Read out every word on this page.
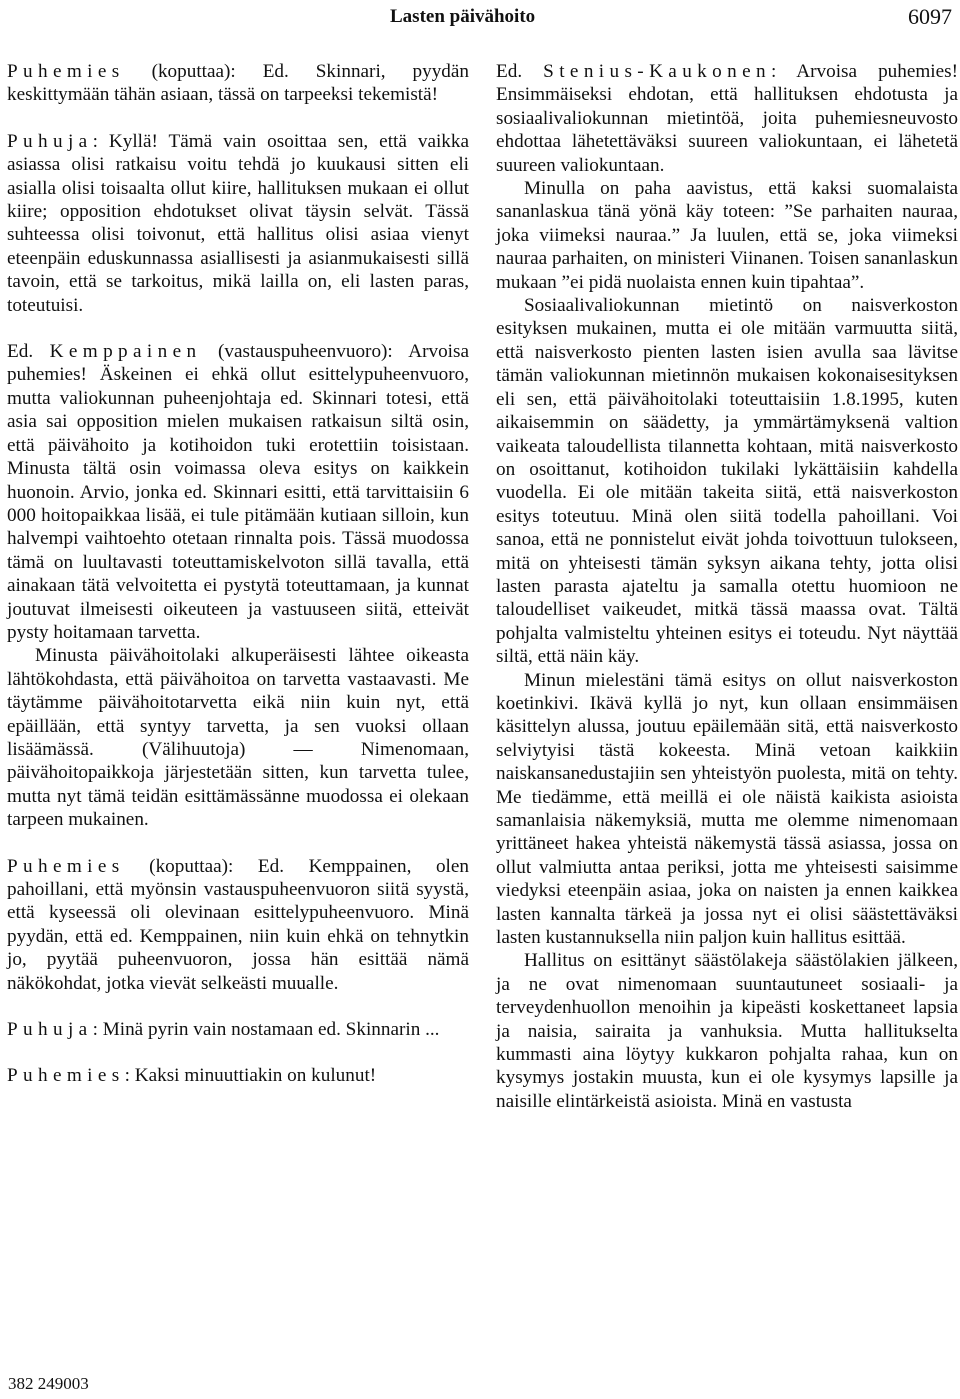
Lasten päivähoito	6097

Puhemies (koputtaa): Ed. Skinnari, pyydän keskittymään tähän asiaan, tässä on tarpeeksi tekemistä!

Puhuja: Kyllä! Tämä vain osoittaa sen, että vaikka asiassa olisi ratkaisu voitu tehdä jo kuukausi sitten eli asialla olisi toisaalta ollut kiire, hallituksen mukaan ei ollut kiire; opposition ehdotukset olivat täysin selvät. Tässä suhteessa olisi toivonut, että hallitus olisi asiaa vienyt eteenpäin eduskunnassa asiallisesti ja asianmukaisesti sillä tavoin, että se tarkoitus, mikä lailla on, eli lasten paras, toteutuisi.

Ed. Kemppainen (vastauspuheenvuoro): Arvoisa puhemies! Äskeinen ei ehkä ollut esittelypuheenvuoro, mutta valiokunnan puheenjohtaja ed. Skinnari totesi, että asia sai opposition mielen mukaisen ratkaisun siltä osin, että päivähoito ja kotihoidon tuki erotettiin toisistaan. Minusta tältä osin voimassa oleva esitys on kaikkein huonoin. Arvio, jonka ed. Skinnari esitti, että tarvittaisiin 6 000 hoitopaikkaa lisää, ei tule pitämään kutiaan silloin, kun halvempi vaihtoehto otetaan rinnalta pois. Tässä muodossa tämä on luultavasti toteuttamiskelvoton sillä tavalla, että ainakaan tätä velvoitetta ei pystytä toteuttamaan, ja kunnat joutuvat ilmeisesti oikeuteen ja vastuuseen siitä, etteivät pysty hoitamaan tarvetta.

Minusta päivähoitolaki alkuperäisesti lähtee oikeasta lähtökohdasta, että päivähoitoa on tarvetta vastaavasti. Me täytämme päivähoitotarvetta eikä niin kuin nyt, että epäillään, että syntyy tarvetta, ja sen vuoksi ollaan lisäämässä. (Välihuutoja) — Nimenomaan, päivähoitopaikkoja järjestetään sitten, kun tarvetta tulee, mutta nyt tämä teidän esittämässänne muodossa ei olekaan tarpeen mukainen.

Puhemies (koputtaa): Ed. Kemppainen, olen pahoillani, että myönsin vastauspuheenvuoron siitä syystä, että kyseessä oli olevinaan esittelypuheenvuoro. Minä pyydän, että ed. Kemppainen, niin kuin ehkä on tehnytkin jo, pyytää puheenvuoron, jossa hän esittää nämä näkökohdat, jotka vievät selkeästi muualle.

Puhuja: Minä pyrin vain nostamaan ed. Skinnarin ...

Puhemies: Kaksi minuuttiakin on kulunut!

Ed. Stenius-Kaukonen: Arvoisa puhemies! Ensimmäiseksi ehdotan, että hallituksen ehdotusta ja sosiaalivaliokunnan mietintöä, joita puhemiesneuvosto ehdottaa lähetettäväksi suureen valiokuntaan, ei lähetetä suureen valiokuntaan.

Minulla on paha aavistus, että kaksi suomalaista sananlaskua tänä yönä käy toteen: ”Se parhaiten nauraa, joka viimeksi nauraa.” Ja luulen, että se, joka viimeksi nauraa parhaiten, on ministeri Viinanen. Toisen sananlaskun mukaan ”ei pidä nuolaista ennen kuin tipahtaa”.

Sosiaalivaliokunnan mietintö on naisverkoston esityksen mukainen, mutta ei ole mitään varmuutta siitä, että naisverkosto pienten lasten isien avulla saa lävitse tämän valiokunnan mietinnön mukaisen kokonaisesityksen eli sen, että päivähoitolaki toteuttaisiin 1.8.1995, kuten aikaisemmin on säädetty, ja ymmärtämyksenä valtion vaikeata taloudellista tilannetta kohtaan, mitä naisverkosto on osoittanut, kotihoidon tukilaki lykättäisiin kahdella vuodella. Ei ole mitään takeita siitä, että naisverkoston esitys toteutuu. Minä olen siitä todella pahoillani. Voi sanoa, että ne ponnistelut eivät johda toivottuun tulokseen, mitä on yhteisesti tämän syksyn aikana tehty, jotta olisi lasten parasta ajateltu ja samalla otettu huomioon ne taloudelliset vaikeudet, mitkä tässä maassa ovat. Tältä pohjalta valmisteltu yhteinen esitys ei toteudu. Nyt näyttää siltä, että näin käy.

Minun mielestäni tämä esitys on ollut naisverkoston koetinkivi. Ikävä kyllä jo nyt, kun ollaan ensimmäisen käsittelyn alussa, joutuu epäilemään sitä, että naisverkosto selviytyisi tästä kokeesta. Minä vetoan kaikkiin naiskansanedustajiin sen yhteistyön puolesta, mitä on tehty. Me tiedämme, että meillä ei ole näistä kaikista asioista samanlaisia näkemyksiä, mutta me olemme nimenomaan yrittäneet hakea yhteistä näkemystä tässä asiassa, jossa on ollut valmiutta antaa periksi, jotta me yhteisesti saisimme viedyksi eteenpäin asiaa, joka on naisten ja ennen kaikkea lasten kannalta tärkeä ja jossa nyt ei olisi säästettäväksi lasten kustannuksella niin paljon kuin hallitus esittää.

Hallitus on esittänyt säästölakeja säästölakien jälkeen, ja ne ovat nimenomaan suuntautuneet sosiaali- ja terveydenhuollon menoihin ja kipeästi koskettaneet lapsia ja naisia, sairaita ja vanhuksia. Mutta hallitukselta kummasti aina löytyy kukkaron pohjalta rahaa, kun on kysymys jostakin muusta, kun ei ole kysymys lapsille ja naisille elintärkeistä asioista. Minä en vastusta

382 249003
